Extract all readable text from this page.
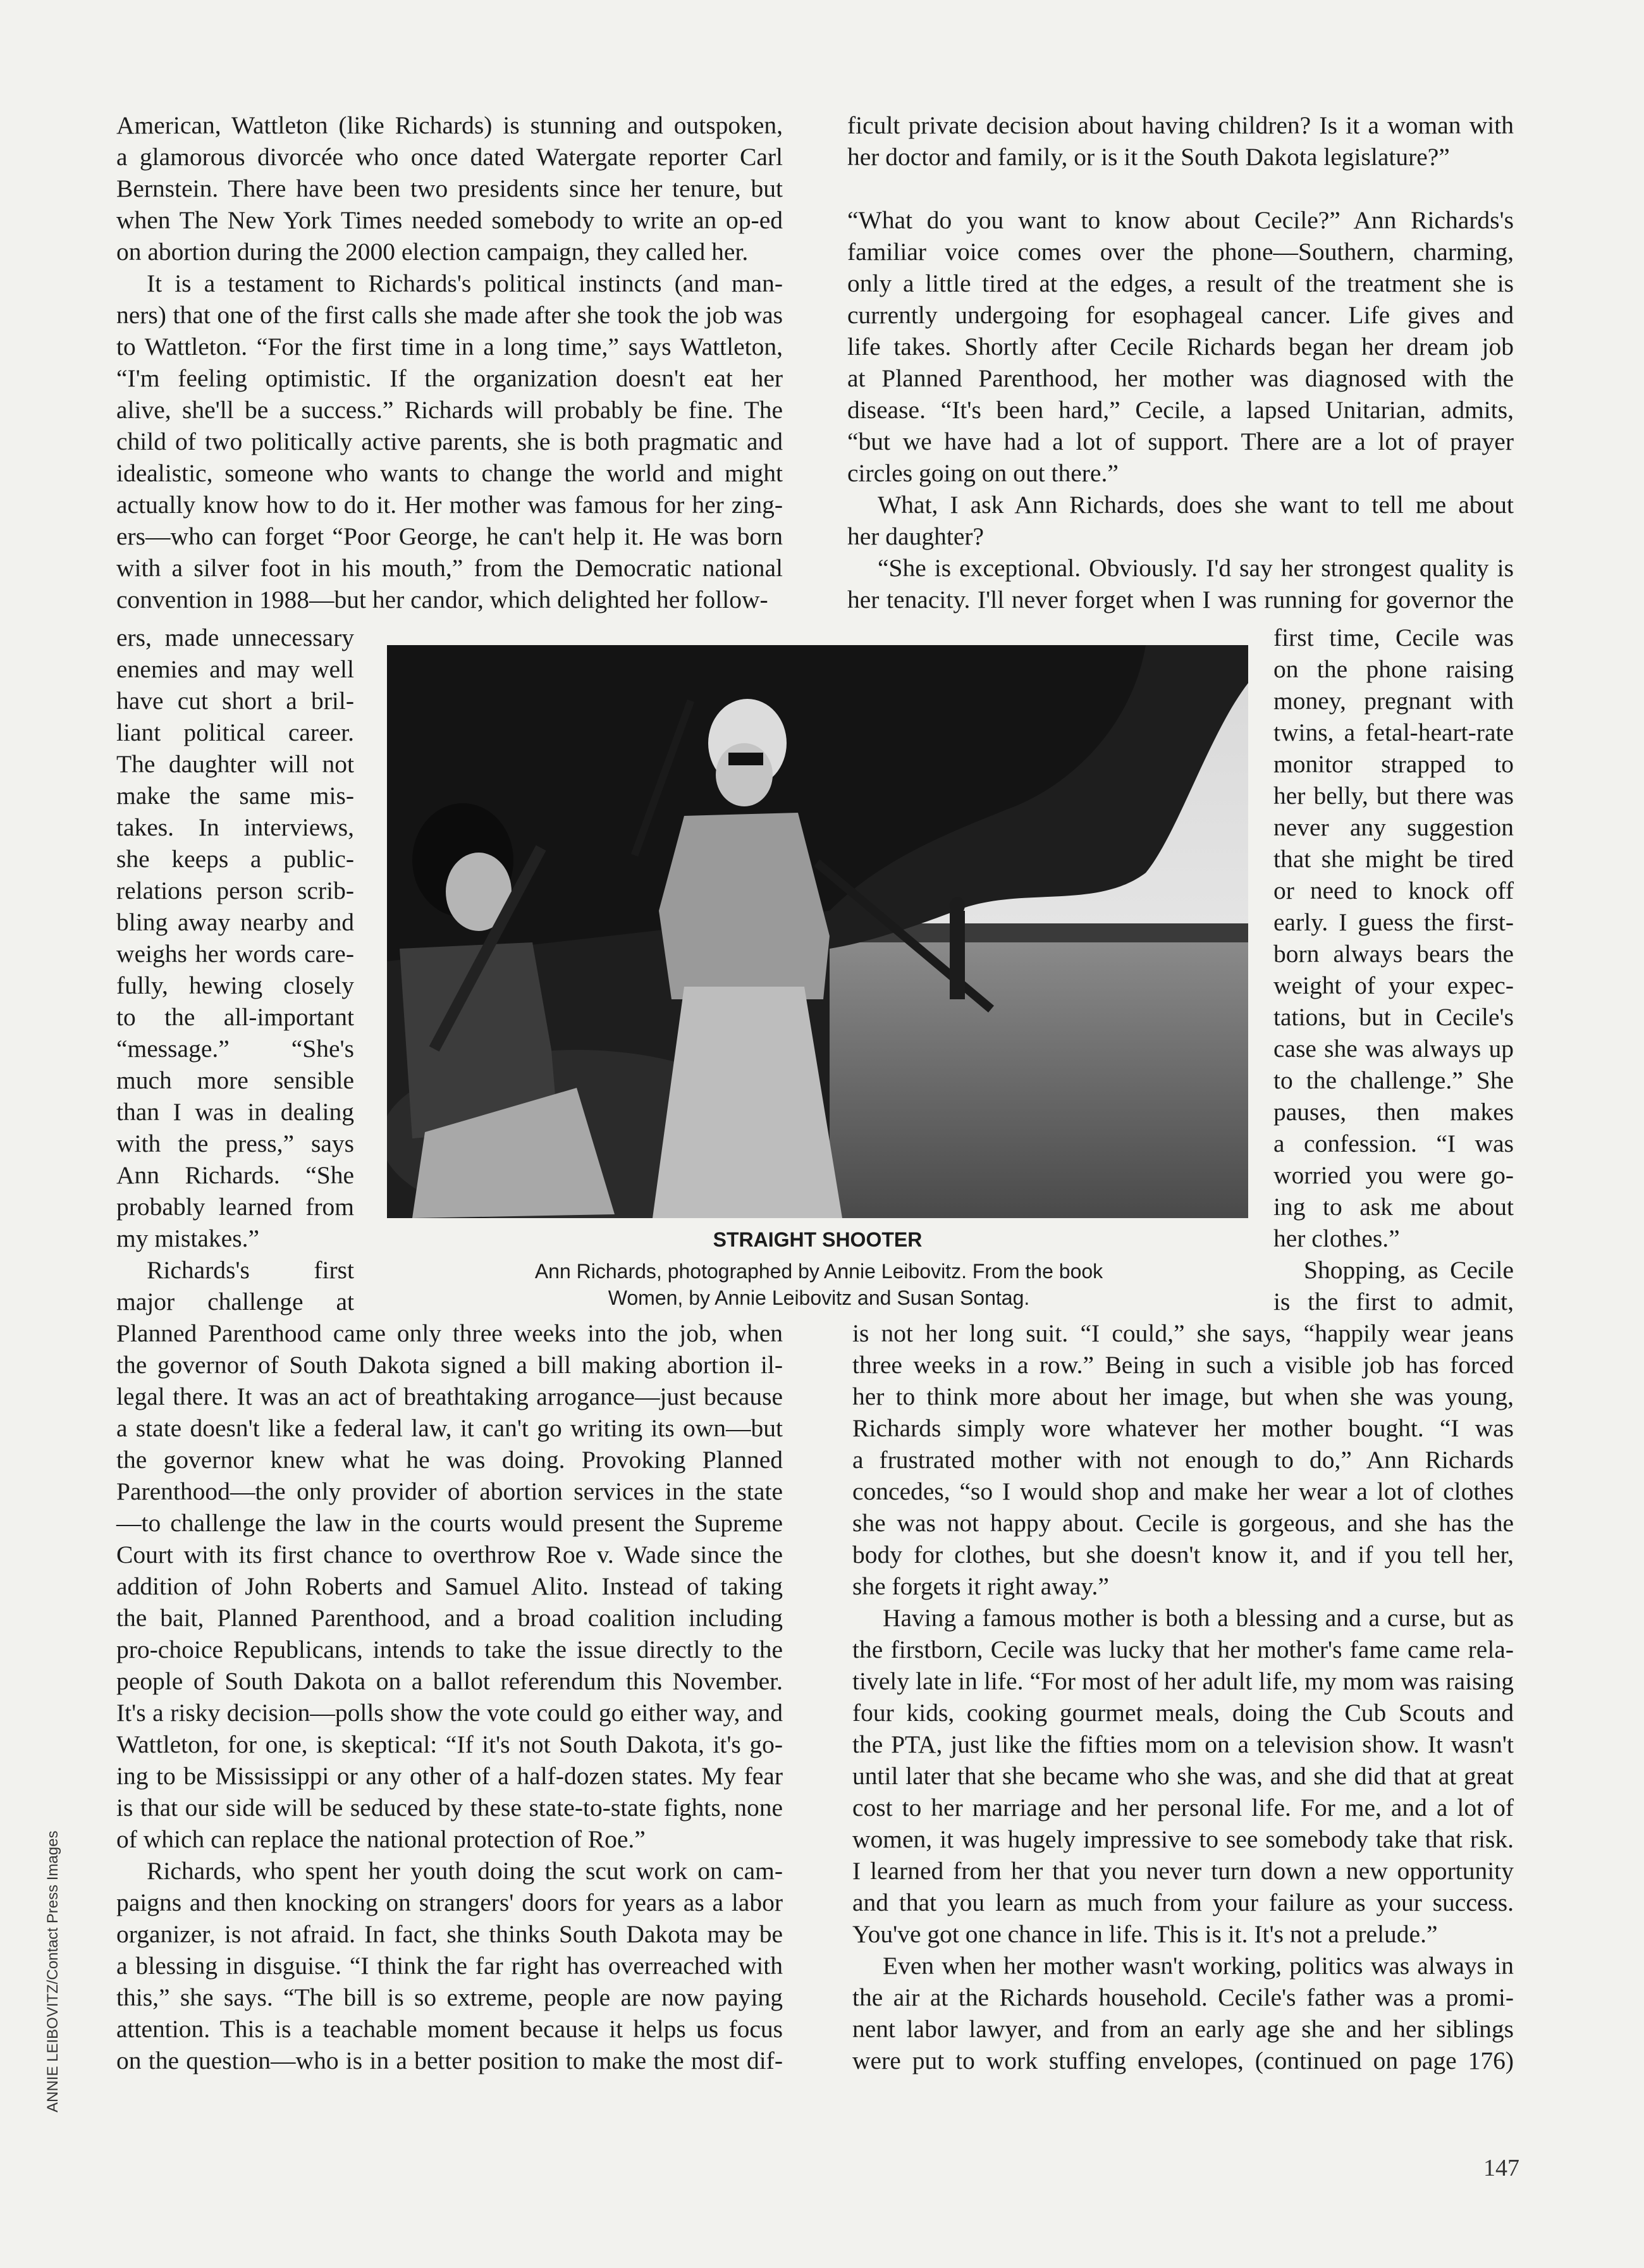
American, Wattleton (like Richards) is stunning and outspoken,

a glamorous divorcée who once dated Watergate reporter Carl

Bernstein. There have been two presidents since her tenure, but

when The New York Times needed somebody to write an op-ed

on abortion during the 2000 election campaign, they called her.

It is a testament to Richards's political instincts (and man-

ners) that one of the first calls she made after she took the job was

to Wattleton. “For the first time in a long time,” says Wattleton,

“I'm feeling optimistic. If the organization doesn't eat her

alive, she'll be a success.” Richards will probably be fine. The

child of two politically active parents, she is both pragmatic and

idealistic, someone who wants to change the world and might

actually know how to do it. Her mother was famous for her zing-

ers—who can forget “Poor George, he can't help it. He was born

with a silver foot in his mouth,” from the Democratic national

convention in 1988—but her candor, which delighted her follow-

ers, made unnecessary

enemies and may well

have cut short a bril-

liant political career.

The daughter will not

make the same mis-

takes. In interviews,

she keeps a public-

relations person scrib-

bling away nearby and

weighs her words care-

fully, hewing closely

to the all-important

“message.” “She's

much more sensible

than I was in dealing

with the press,” says

Ann Richards. “She

probably learned from

my mistakes.”

Richards's first

major challenge at

Planned Parenthood came only three weeks into the job, when

the governor of South Dakota signed a bill making abortion il-

legal there. It was an act of breathtaking arrogance—just because

a state doesn't like a federal law, it can't go writing its own—but

the governor knew what he was doing. Provoking Planned

Parenthood—the only provider of abortion services in the state

—to challenge the law in the courts would present the Supreme

Court with its first chance to overthrow Roe v. Wade since the

addition of John Roberts and Samuel Alito. Instead of taking

the bait, Planned Parenthood, and a broad coalition including

pro-choice Republicans, intends to take the issue directly to the

people of South Dakota on a ballot referendum this November.

It's a risky decision—polls show the vote could go either way, and

Wattleton, for one, is skeptical: “If it's not South Dakota, it's go-

ing to be Mississippi or any other of a half-dozen states. My fear

is that our side will be seduced by these state-to-state fights, none

of which can replace the national protection of Roe.”

Richards, who spent her youth doing the scut work on cam-

paigns and then knocking on strangers' doors for years as a labor

organizer, is not afraid. In fact, she thinks South Dakota may be

a blessing in disguise. “I think the far right has overreached with

this,” she says. “The bill is so extreme, people are now paying

attention. This is a teachable moment because it helps us focus

on the question—who is in a better position to make the most dif-

ficult private decision about having children? Is it a woman with

her doctor and family, or is it the South Dakota legislature?”

“What do you want to know about Cecile?” Ann Richards's

familiar voice comes over the phone—Southern, charming,

only a little tired at the edges, a result of the treatment she is

currently undergoing for esophageal cancer. Life gives and

life takes. Shortly after Cecile Richards began her dream job

at Planned Parenthood, her mother was diagnosed with the

disease. “It's been hard,” Cecile, a lapsed Unitarian, admits,

“but we have had a lot of support. There are a lot of prayer

circles going on out there.”

What, I ask Ann Richards, does she want to tell me about

her daughter?

“She is exceptional. Obviously. I'd say her strongest quality is

her tenacity. I'll never forget when I was running for governor the

first time, Cecile was

on the phone raising

money, pregnant with

twins, a fetal-heart-rate

monitor strapped to

her belly, but there was

never any suggestion

that she might be tired

or need to knock off

early. I guess the first-

born always bears the

weight of your expec-

tations, but in Cecile's

case she was always up

to the challenge.” She

pauses, then makes

a confession. “I was

worried you were go-

ing to ask me about

her clothes.”

Shopping, as Cecile

is the first to admit,

is not her long suit. “I could,” she says, “happily wear jeans

three weeks in a row.” Being in such a visible job has forced

her to think more about her image, but when she was young,

Richards simply wore whatever her mother bought. “I was

a frustrated mother with not enough to do,” Ann Richards

concedes, “so I would shop and make her wear a lot of clothes

she was not happy about. Cecile is gorgeous, and she has the

body for clothes, but she doesn't know it, and if you tell her,

she forgets it right away.”

Having a famous mother is both a blessing and a curse, but as

the firstborn, Cecile was lucky that her mother's fame came rela-

tively late in life. “For most of her adult life, my mom was raising

four kids, cooking gourmet meals, doing the Cub Scouts and

the PTA, just like the fifties mom on a television show. It wasn't

until later that she became who she was, and she did that at great

cost to her marriage and her personal life. For me, and a lot of

women, it was hugely impressive to see somebody take that risk.

I learned from her that you never turn down a new opportunity

and that you learn as much from your failure as your success.

You've got one chance in life. This is it. It's not a prelude.”

Even when her mother wasn't working, politics was always in

the air at the Richards household. Cecile's father was a promi-

nent labor lawyer, and from an early age she and her siblings

were put to work stuffing envelopes, (continued on page 176)

STRAIGHT SHOOTER
Ann Richards, photographed by Annie Leibovitz. From the book
Women, by Annie Leibovitz and Susan Sontag.
ANNIE LEIBOVITZ/Contact Press Images
147
